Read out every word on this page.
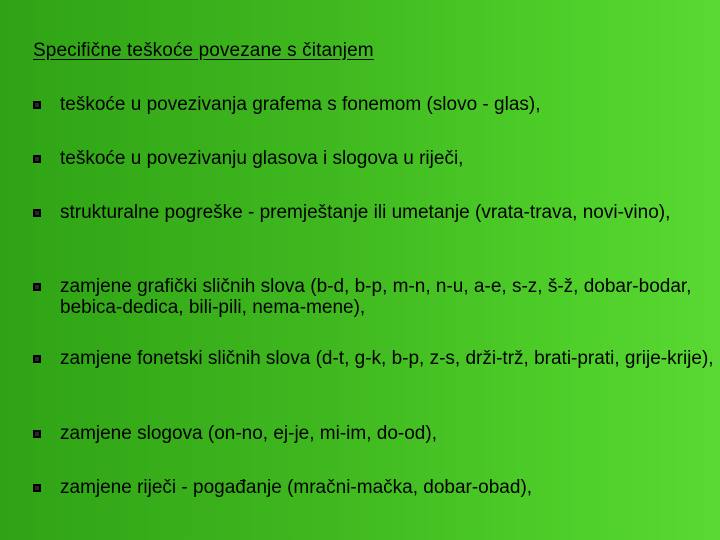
Specifične teškoće povezane s čitanjem
teškoće u povezivanja grafema s fonemom (slovo - glas),
teškoće u povezivanju glasova i slogova u riječi,
strukturalne pogreške - premještanje ili umetanje (vrata-trava, novi-vino),
zamjene grafički sličnih slova (b-d, b-p, m-n, n-u, a-e, s-z, š-ž, dobar-bodar, bebica-dedica, bili-pili, nema-mene),
zamjene fonetski sličnih slova (d-t, g-k, b-p, z-s, drži-trž, brati-prati, grije-krije),
zamjene slogova (on-no, ej-je, mi-im, do-od),
zamjene riječi - pogađanje (mračni-mačka, dobar-obad),
